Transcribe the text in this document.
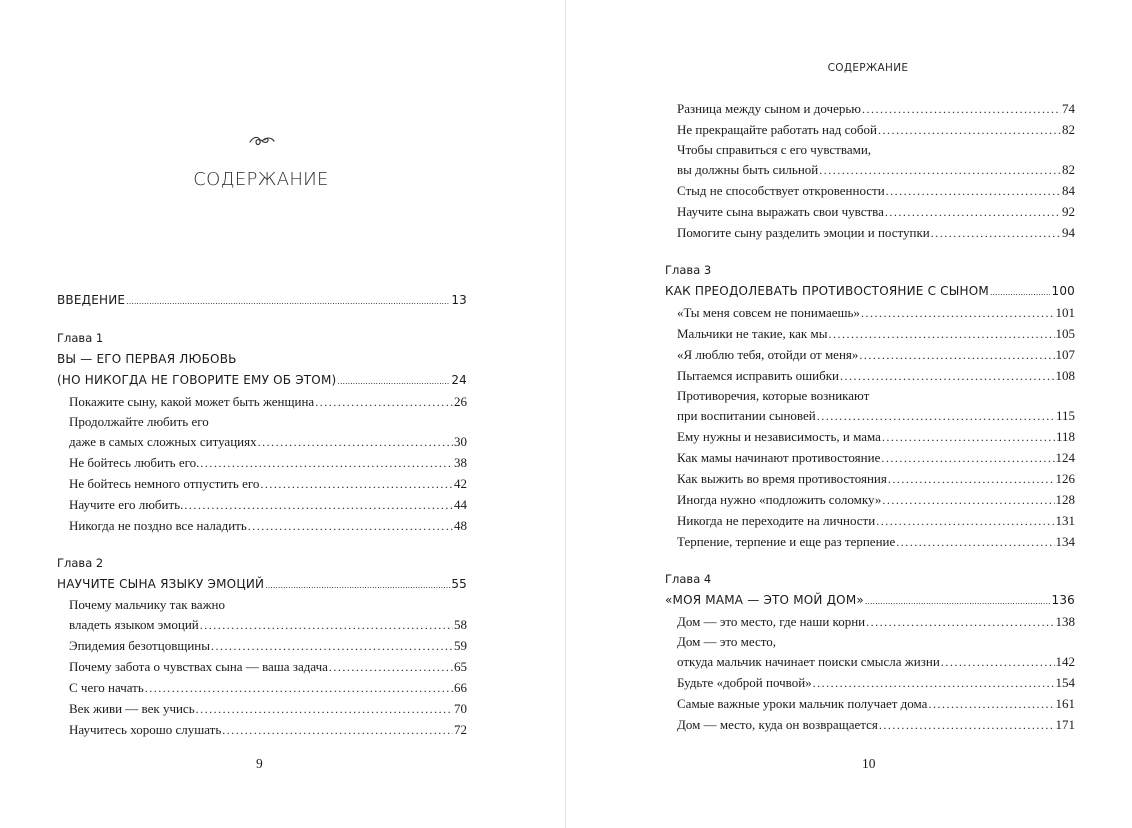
СОДЕРЖАНИЕ
ВВЕДЕНИЕ .....	13
Глава 1
ВЫ — ЕГО ПЕРВАЯ ЛЮБОВЬ
(НО НИКОГДА НЕ ГОВОРИТЕ ЕМУ ОБ ЭТОМ) .....	24
Покажите сыну, какой может быть женщина .....	26
Продолжайте любить его
даже в самых сложных ситуациях .....	30
Не бойтесь любить его. .....	38
Не бойтесь немного отпустить его .....	42
Научите его любить. .....	44
Никогда не поздно все наладить .....	48
Глава 2
НАУЧИТЕ СЫНА ЯЗЫКУ ЭМОЦИЙ .....	55
Почему мальчику так важно
владеть языком эмоций .....	58
Эпидемия безотцовщины .....	59
Почему забота о чувствах сына — ваша задача .....	65
С чего начать .....	66
Век живи — век учись .....	70
Научитесь хорошо слушать .....	72
9
СОДЕРЖАНИЕ
Разница между сыном и дочерью .....	74
Не прекращайте работать над собой .....	82
Чтобы справиться с его чувствами,
вы должны быть сильной .....	82
Стыд не способствует откровенности .....	84
Научите сына выражать свои чувства .....	92
Помогите сыну разделить эмоции и поступки .....	94
Глава 3
КАК ПРЕОДОЛЕВАТЬ ПРОТИВОСТОЯНИЕ С СЫНОМ .....	100
«Ты меня совсем не понимаешь» .....	101
Мальчики не такие, как мы .....	105
«Я люблю тебя, отойди от меня» .....	107
Пытаемся исправить ошибки .....	108
Противоречия, которые возникают
при воспитании сыновей .....	115
Ему нужны и независимость, и мама .....	118
Как мамы начинают противостояние .....	124
Как выжить во время противостояния .....	126
Иногда нужно «подложить соломку» .....	128
Никогда не переходите на личности .....	131
Терпение, терпение и еще раз терпение .....	134
Глава 4
«МОЯ МАМА — ЭТО МОЙ ДОМ» .....	136
Дом — это место, где наши корни .....	138
Дом — это место,
откуда мальчик начинает поиски смысла жизни .....	142
Будьте «доброй почвой» .....	154
Самые важные уроки мальчик получает дома .....	161
Дом — место, куда он возвращается .....	171
10
